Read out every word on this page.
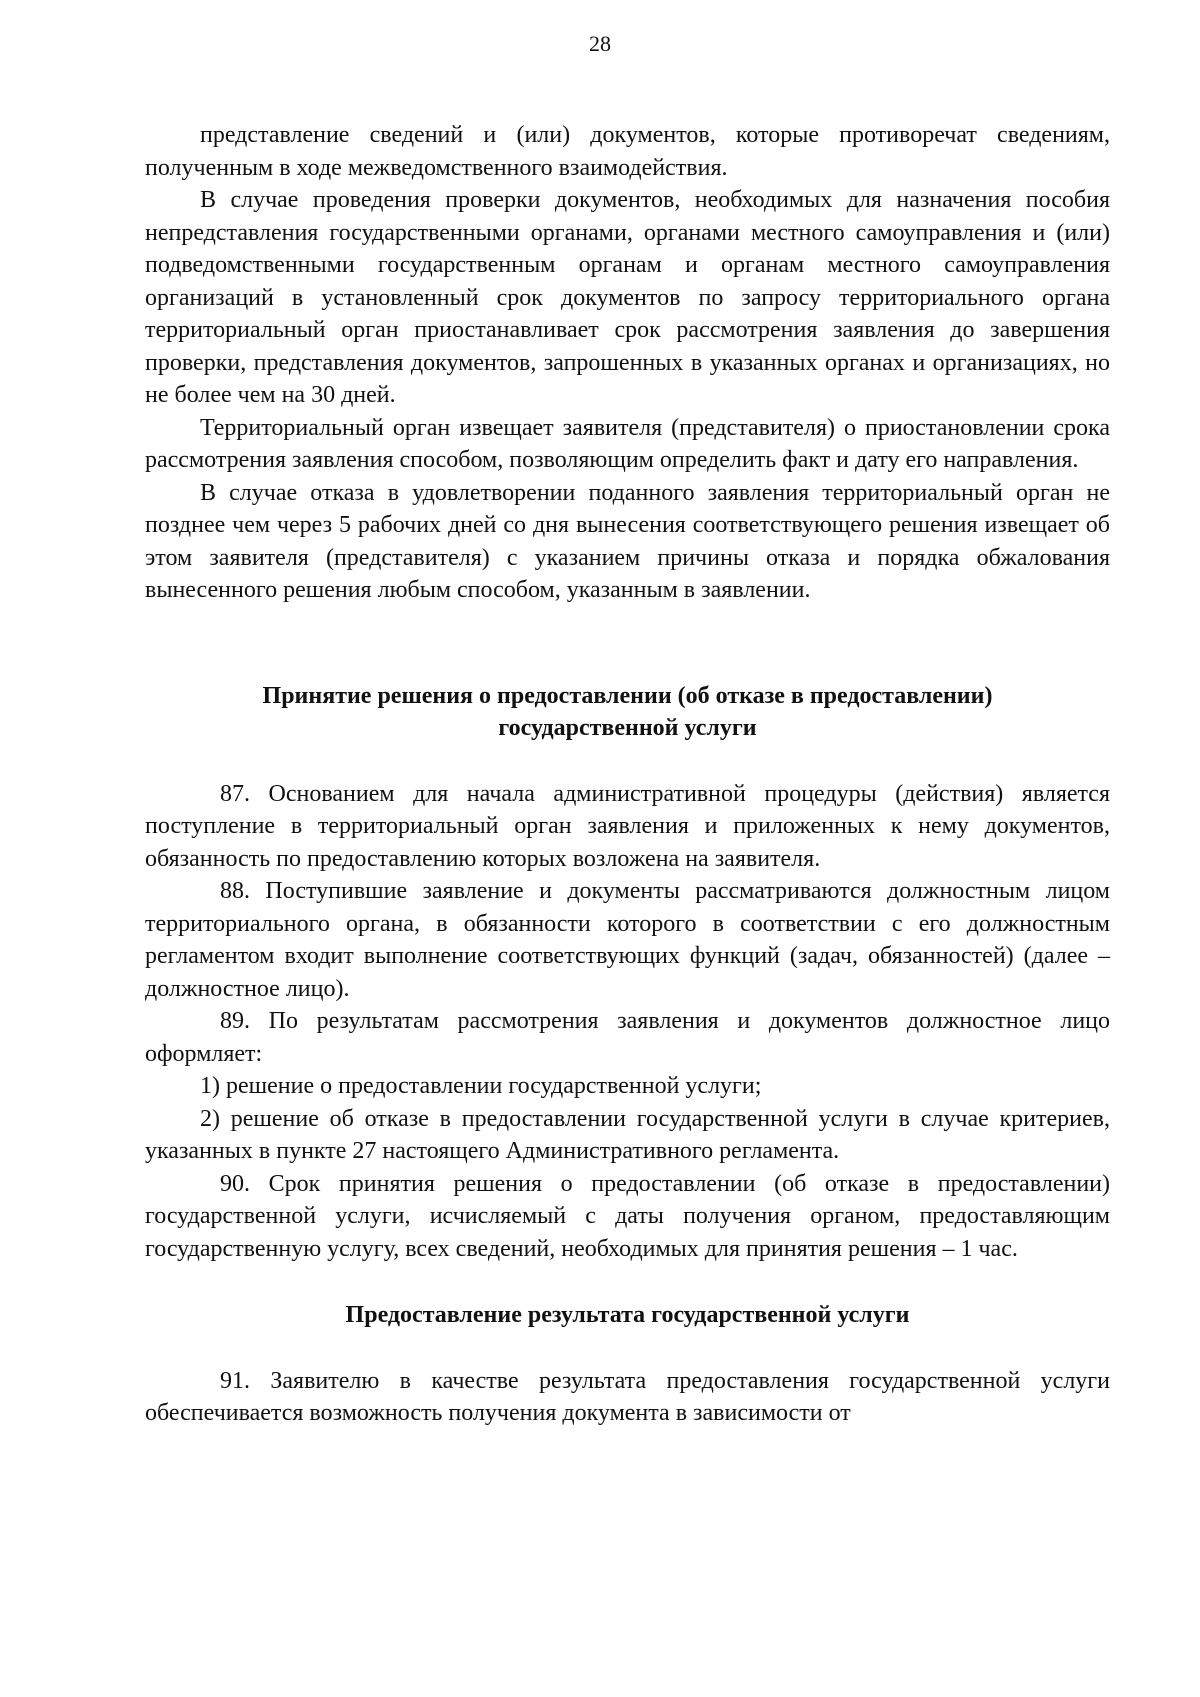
28

представление сведений и (или) документов, которые противоречат сведениям, полученным в ходе межведомственного взаимодействия.

В случае проведения проверки документов, необходимых для назначения пособия непредставления государственными органами, органами местного самоуправления и (или) подведомственными государственным органам и органам местного самоуправления организаций в установленный срок документов по запросу территориального органа территориальный орган приостанавливает срок рассмотрения заявления до завершения проверки, представления документов, запрошенных в указанных органах и организациях, но не более чем на 30 дней.

Территориальный орган извещает заявителя (представителя) о приостановлении срока рассмотрения заявления способом, позволяющим определить факт и дату его направления.

В случае отказа в удовлетворении поданного заявления территориальный орган не позднее чем через 5 рабочих дней со дня вынесения соответствующего решения извещает об этом заявителя (представителя) с указанием причины отказа и порядка обжалования вынесенного решения любым способом, указанным в заявлении.

Принятие решения о предоставлении (об отказе в предоставлении)
государственной услуги

87. Основанием для начала административной процедуры (действия) является поступление в территориальный орган заявления и приложенных к нему документов, обязанность по предоставлению которых возложена на заявителя.

88. Поступившие заявление и документы рассматриваются должностным лицом территориального органа, в обязанности которого в соответствии с его должностным регламентом входит выполнение соответствующих функций (задач, обязанностей) (далее – должностное лицо).

89. По результатам рассмотрения заявления и документов должностное лицо оформляет:

1) решение о предоставлении государственной услуги;

2) решение об отказе в предоставлении государственной услуги в случае критериев, указанных в пункте 27 настоящего Административного регламента.

90. Срок принятия решения о предоставлении (об отказе в предоставлении) государственной услуги, исчисляемый с даты получения органом, предоставляющим государственную услугу, всех сведений, необходимых для принятия решения – 1 час.

Предоставление результата государственной услуги

91. Заявителю в качестве результата предоставления государственной услуги обеспечивается возможность получения документа в зависимости от
